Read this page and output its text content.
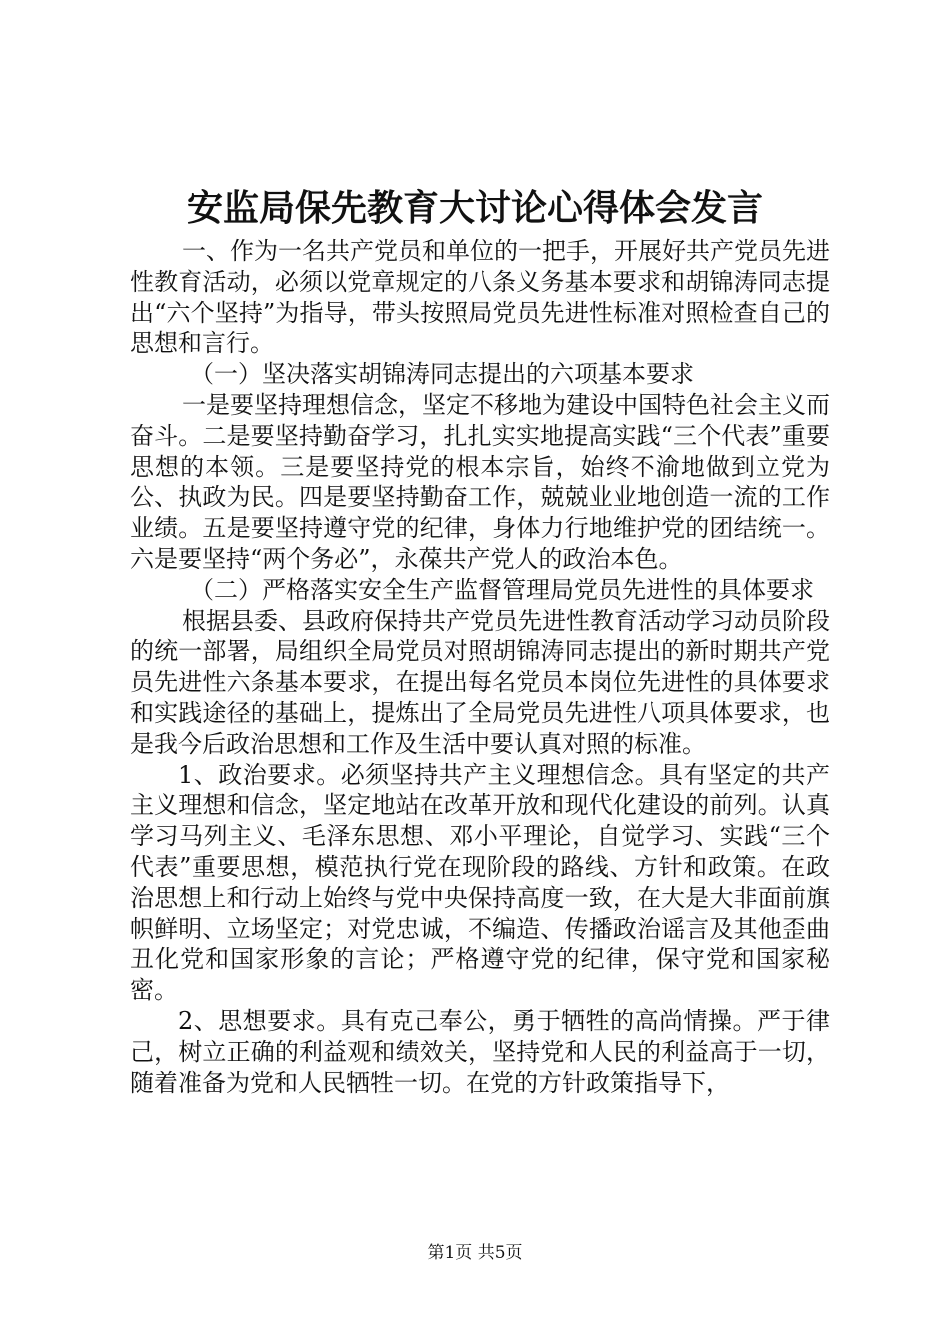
安监局保先教育大讨论心得体会发言

一、作为一名共产党员和单位的一把手，开展好共产党员先进性教育活动，必须以党章规定的八条义务基本要求和胡锦涛同志提出“六个坚持”为指导，带头按照局党员先进性标准对照检查自己的思想和言行。

（一）坚决落实胡锦涛同志提出的六项基本要求

一是要坚持理想信念，坚定不移地为建设中国特色社会主义而奋斗。二是要坚持勤奋学习，扎扎实实地提高实践“三个代表”重要思想的本领。三是要坚持党的根本宗旨，始终不渝地做到立党为公、执政为民。四是要坚持勤奋工作，兢兢业业地创造一流的工作业绩。五是要坚持遵守党的纪律，身体力行地维护党的团结统一。六是要坚持“两个务必”，永葆共产党人的政治本色。

（二）严格落实安全生产监督管理局党员先进性的具体要求

根据县委、县政府保持共产党员先进性教育活动学习动员阶段的统一部署，局组织全局党员对照胡锦涛同志提出的新时期共产党员先进性六条基本要求，在提出每名党员本岗位先进性的具体要求和实践途径的基础上，提炼出了全局党员先进性八项具体要求，也是我今后政治思想和工作及生活中要认真对照的标准。

1、政治要求。必须坚持共产主义理想信念。具有坚定的共产主义理想和信念，坚定地站在改革开放和现代化建设的前列。认真学习马列主义、毛泽东思想、邓小平理论，自觉学习、实践“三个代表”重要思想，模范执行党在现阶段的路线、方针和政策。在政治思想上和行动上始终与党中央保持高度一致，在大是大非面前旗帜鲜明、立场坚定；对党忠诚，不编造、传播政治谣言及其他歪曲丑化党和国家形象的言论；严格遵守党的纪律，保守党和国家秘密。

2、思想要求。具有克己奉公，勇于牺牲的高尚情操。严于律己，树立正确的利益观和绩效关，坚持党和人民的利益高于一切，随着准备为党和人民牺牲一切。在党的方针政策指导下，

第1页 共5页
